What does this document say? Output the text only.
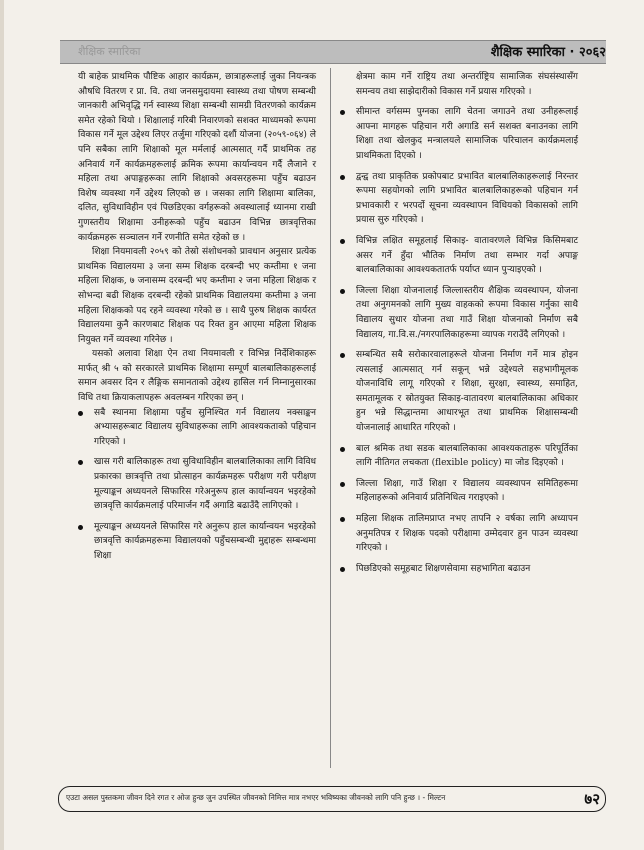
शैक्षिक स्मारिका	शैक्षिक स्मारिका · २०६२

यी बाहेक प्राथमिक पौष्टिक आहार कार्यक्रम, छात्राहरूलाई जुका नियन्त्रक औषधि वितरण र प्रा. वि. तथा जनसमुदायमा स्वास्थ्य तथा पोषण सम्बन्धी जानकारी अभिवृद्धि गर्न स्वास्थ्य शिक्षा सम्बन्धी सामग्री वितरणको कार्यक्रम समेत रहेको थियो । शिक्षालाई गरिबी निवारणको सशक्त माध्यमको रूपमा विकास गर्ने मूल उद्देश्य लिएर तर्जुमा गरिएको दशौं योजना (२०५९-०६४) ले पनि सबैका लागि शिक्षाको मूल मर्मलाई आत्मसात् गर्दै प्राथमिक तह अनिवार्य गर्ने कार्यक्रमहरूलाई क्रमिक रूपमा कार्यान्वयन गर्दै लैजाने र महिला तथा अपाङ्गहरूका लागि शिक्षाको अवसरहरूमा पहुँच बढाउन विशेष व्यवस्था गर्ने उद्देश्य लिएको छ । जसका लागि शिक्षामा बालिका, दलित, सुविधाविहीन एवं पिछडिएका वर्गहरूको अवस्थालाई ध्यानमा राखी गुणस्तरीय शिक्षामा उनीहरूको पहुँच बढाउन विभिन्न छात्रवृत्तिका कार्यक्रमहरू सञ्चालन गर्ने रणनीति समेत रहेको छ ।

शिक्षा नियमावली २०५९ को तेस्रो संशोधनको प्रावधान अनुसार प्रत्येक प्राथमिक विद्यालयमा ३ जना सम्म शिक्षक दरबन्दी भए कम्तीमा १ जना महिला शिक्षक, ७ जनासम्म दरबन्दी भए कम्तीमा २ जना महिला शिक्षक र सोभन्दा बढी शिक्षक दरबन्दी रहेको प्राथमिक विद्यालयमा कम्तीमा ३ जना महिला शिक्षकको पद रहने व्यवस्था गरेको छ । साथै पुरुष शिक्षक कार्यरत विद्यालयमा कुनै कारणबाट शिक्षक पद रिक्त हुन आएमा महिला शिक्षक नियुक्त गर्ने व्यवस्था गरिनेछ ।

यसको अलावा शिक्षा ऐन तथा नियमावली र विभिन्न निर्देशिकाहरू मार्फत् श्री ५ को सरकारले प्राथमिक शिक्षामा सम्पूर्ण बालबालिकाहरूलाई समान अवसर दिन र लैङ्गिक समानताको उद्देश्य हासिल गर्न निम्नानुसारका विधि तथा क्रियाकलापहरू अवलम्बन गरिएका छन् ।

सबै स्थानमा शिक्षामा पहुँच सुनिश्चित गर्न विद्यालय नक्साङ्कन अभ्यासहरूबाट विद्यालय सुविधाहरूका लागि आवश्यकताको पहिचान गरिएको ।
खास गरी बालिकाहरू तथा सुविधाविहीन बालबालिकाका लागि विविध प्रकारका छात्रवृत्ति तथा प्रोत्साहन कार्यक्रमहरू परीक्षण गरी परीक्षण मूल्याङ्कन अध्ययनले सिफारिस गरेअनुरूप हाल कार्यान्वयन भइरहेको छात्रवृत्ति कार्यक्रमलाई परिमार्जन गर्दै अगाडि बढाउँदै लागिएको ।
मूल्याङ्कन अध्ययनले सिफारिस गरे अनुरूप हाल कार्यान्वयन भइरहेको छात्रवृत्ति कार्यक्रमहरूमा विद्यालयको पहुँचसम्बन्धी मुद्दाहरू सम्बन्धमा शिक्षा

क्षेत्रमा काम गर्ने राष्ट्रिय तथा अन्तर्राष्ट्रिय सामाजिक संघसंस्थासँग समन्वय तथा साझेदारीको विकास गर्ने प्रयास गरिएको ।

सीमान्त वर्गसम्म पुग्नका लागि चेतना जगाउने तथा उनीहरूलाई आफ्ना मागहरू पहिचान गरी अगाडि सर्न सशक्त बनाउनका लागि शिक्षा तथा खेलकुद मन्त्रालयले सामाजिक परिचालन कार्यक्रमलाई प्राथमिकता दिएको ।
द्वन्द्व तथा प्राकृतिक प्रकोपबाट प्रभावित बालबालिकाहरूलाई निरन्तर रूपमा सहयोगको लागि प्रभावित बालबालिकाहरूको पहिचान गर्न प्रभावकारी र भरपर्दो सूचना व्यवस्थापन विधियको विकासको लागि प्रयास सुरु गरिएको ।
विभिन्न लक्षित समूहलाई सिकाइ- वातावरणले विभिन्न किसिमबाट असर गर्ने हुँदा भौतिक निर्माण तथा सम्भार गर्दा अपाङ्ग बालबालिकाका आवश्यकतातर्फ पर्याप्त ध्यान पुऱ्याइएको ।
जिल्ला शिक्षा योजनालाई जिल्लास्तरीय शैक्षिक व्यवस्थापन, योजना तथा अनुगमनको लागि मुख्य वाहकको रूपमा विकास गर्नुका साथै विद्यालय सुधार योजना तथा गाउँ शिक्षा योजनाको निर्माण सबै विद्यालय, गा.वि.स./नगरपालिकाहरूमा व्यापक गराउँदै लगिएको ।
सम्बन्धित सबै सरोकारवालाहरूले योजना निर्माण गर्ने मात्र होइन त्यसलाई आत्मसात् गर्न सकून् भन्ने उद्देश्यले सहभागीमूलक योजनाविधि लागू गरिएको र शिक्षा, सुरक्षा, स्वास्थ्य, समाहित, समतामूलक र स्रोतयुक्त सिकाइ-वातावरण बालबालिकाका अधिकार हुन भन्ने सिद्धान्तमा आधारभूत तथा प्राथमिक शिक्षासम्बन्धी योजनालाई आधारित गरिएको ।
बाल श्रमिक तथा सडक बालबालिकाका आवश्यकताहरू परिपूर्तिका लागि नीतिगत लचकता (flexible policy) मा जोड दिइएको ।
जिल्ला शिक्षा, गाउँ शिक्षा र विद्यालय व्यवस्थापन समितिहरूमा महिलाहरूको अनिवार्य प्रतिनिधित्व गराइएको ।
महिला शिक्षक तालिमप्राप्त नभए तापनि २ वर्षका लागि अध्यापन अनुमतिपत्र र शिक्षक पदको परीक्षामा उम्मेदवार हुन पाउन व्यवस्था गरिएको ।
पिछडिएको समूहबाट शिक्षणसेवामा सहभागिता बढाउन
एउटा असल पुस्तकमा जीवन दिने रगत र ओज हुन्छ जुन उपस्थित जीवनको निमित्त मात्र नभएर भविष्यका जीवनको लागि पनि हुन्छ । - मिल्टन	७२
